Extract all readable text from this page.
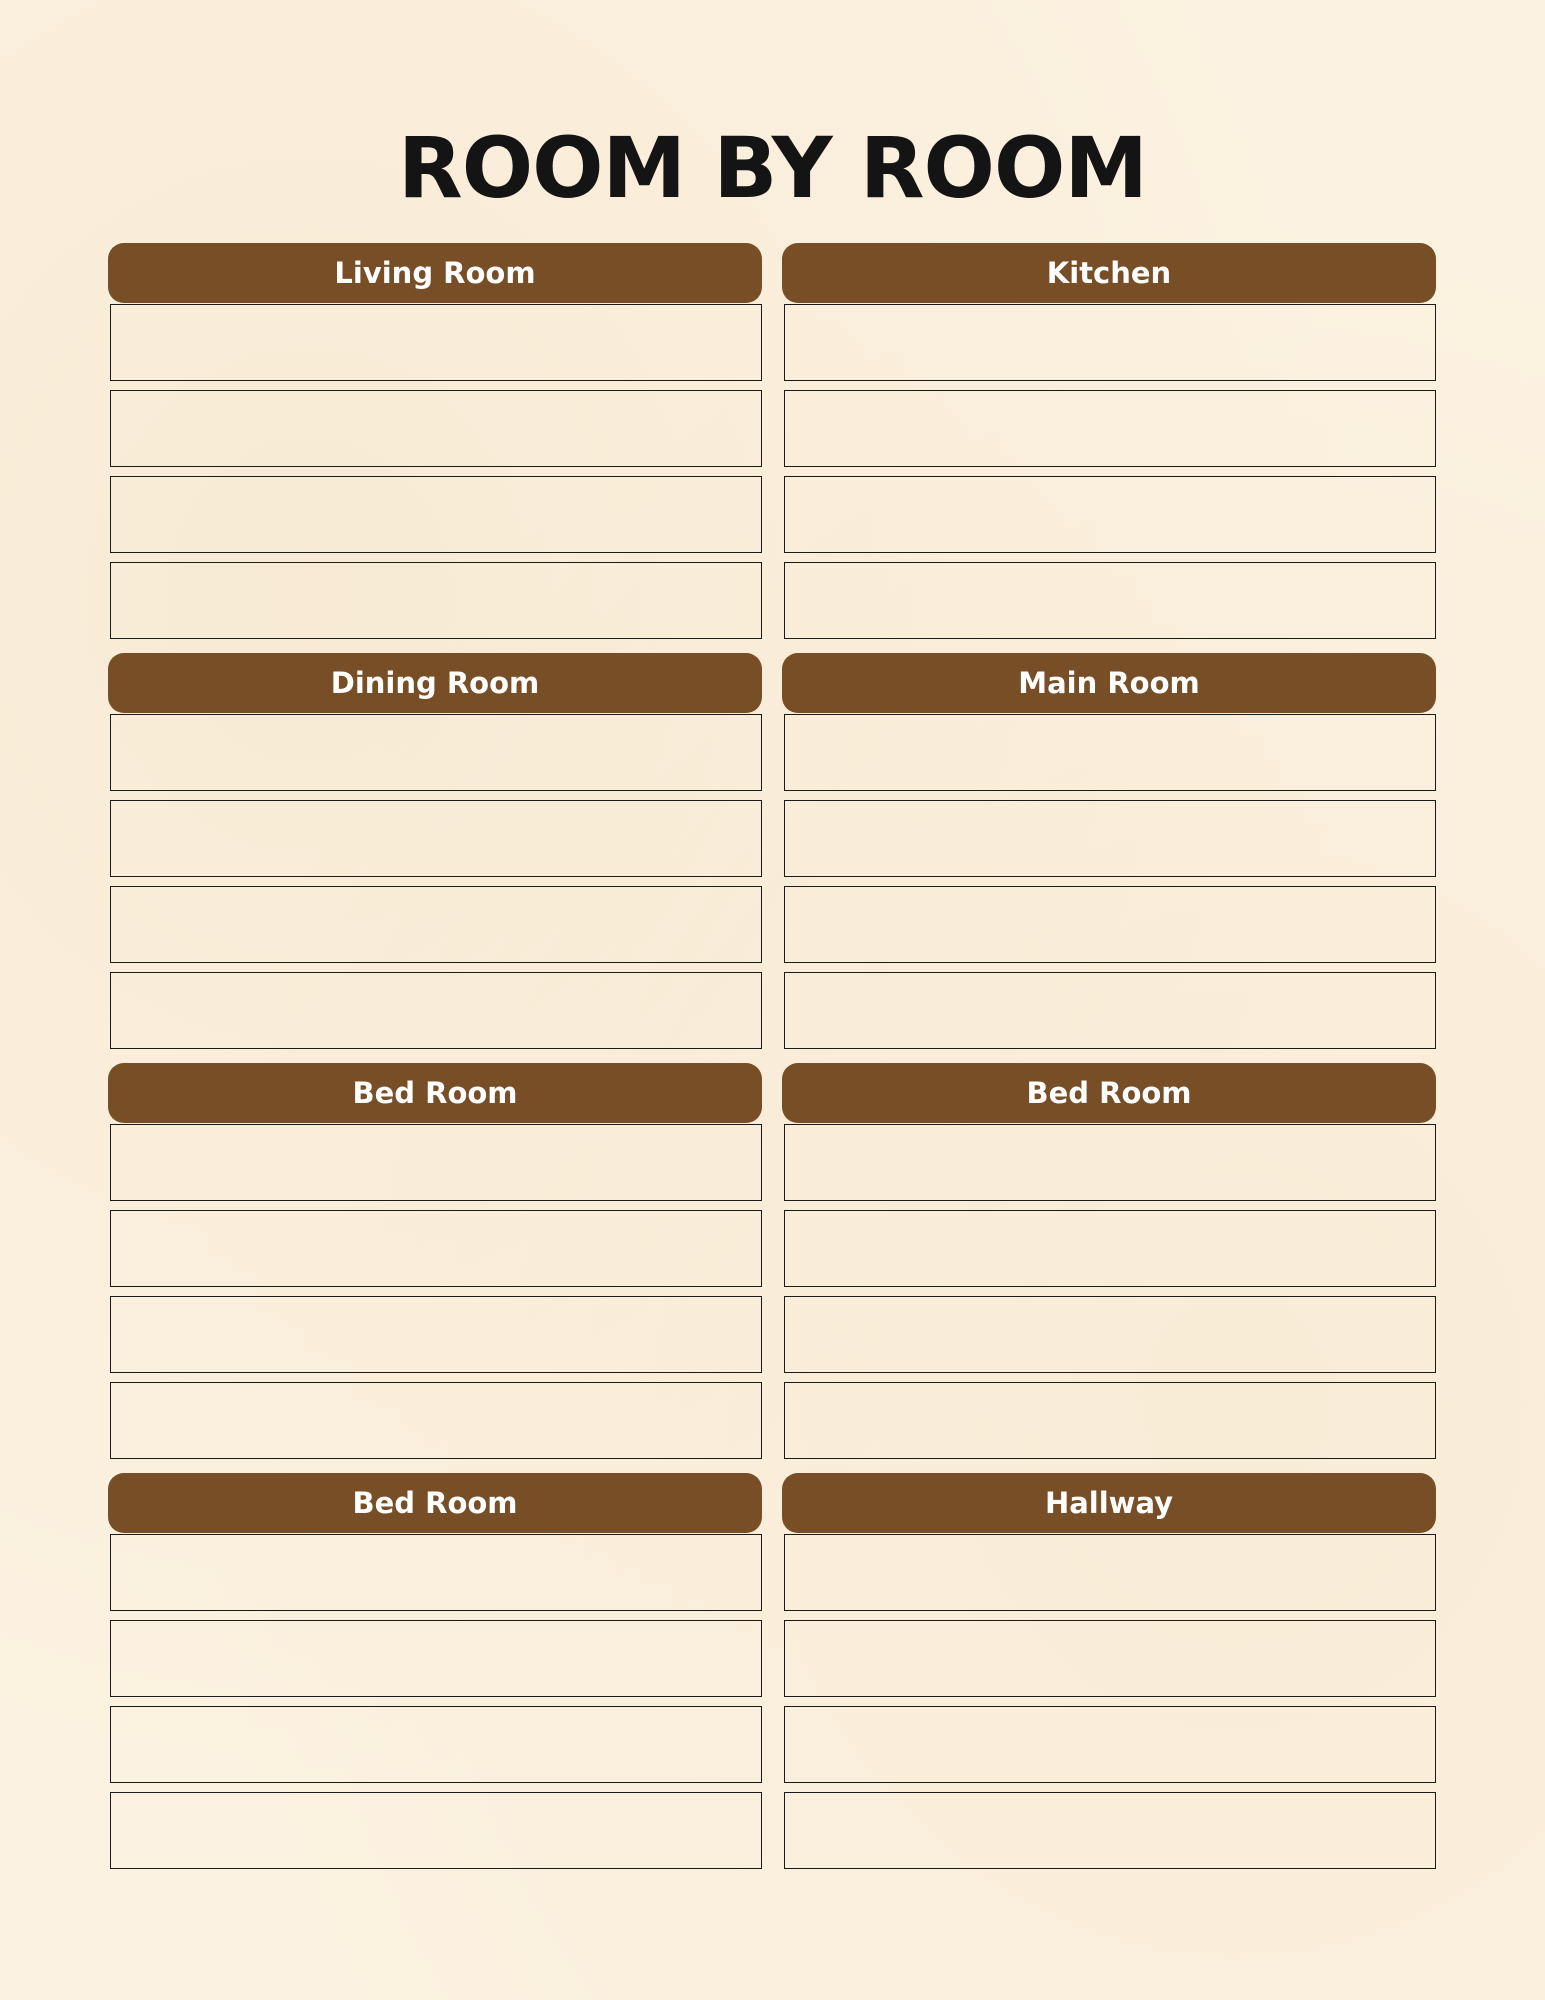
ROOM BY ROOM
Living Room	Kitchen
Dining Room	Main Room
Bed Room	Bed Room
Bed Room	Hallway
